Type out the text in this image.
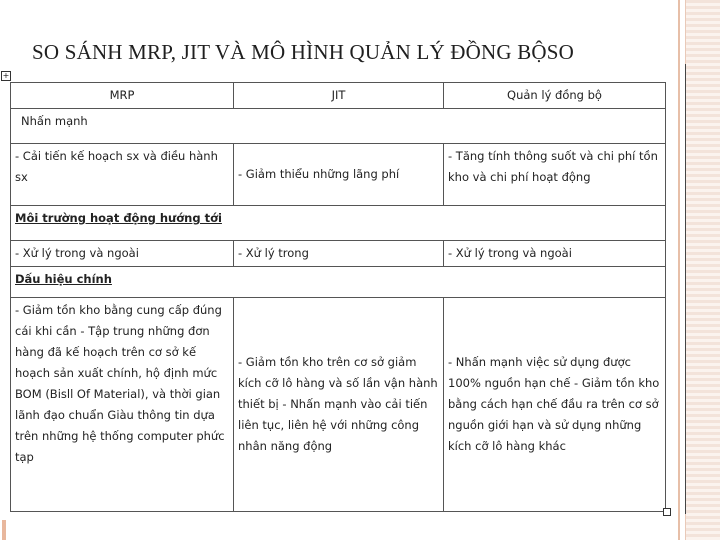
SO SÁNH MRP, JIT VÀ MÔ HÌNH QUẢN LÝ ĐỒNG BỘSO
+
MRP	JIT	Quản lý đồng bộ
Nhấn mạnh		
- Cải tiến kế hoạch sx và điều hành sx	- Giảm thiểu những lãng phí	- Tăng tính thông suốt và chi phí tồn kho và chi phí hoạt động
Môi trường hoạt động hướng tới		
- Xử lý trong và ngoài	- Xử lý trong	- Xử lý trong và ngoài
Dấu hiệu chính		
- Giảm tồn kho bằng cung cấp đúng cái khi cần - Tập trung những đơn hàng đã kế hoạch trên cơ sở kế hoạch sản xuất chính, hộ định mức BOM (Bisll Of Material), và thời gian lãnh đạo chuẩn Giàu thông tin dựa trên những hệ thống computer phức tạp	- Giảm tồn kho trên cơ sở giảm kích cỡ lô hàng và số lần vận hành thiết bị - Nhấn mạnh vào cải tiến liên tục, liên hệ với những công nhân năng động	- Nhấn mạnh việc sử dụng được 100% nguồn hạn chế - Giảm tồn kho bằng cách hạn chế đầu ra trên cơ sở nguồn giới hạn và sử dụng những kích cỡ lô hàng khác
